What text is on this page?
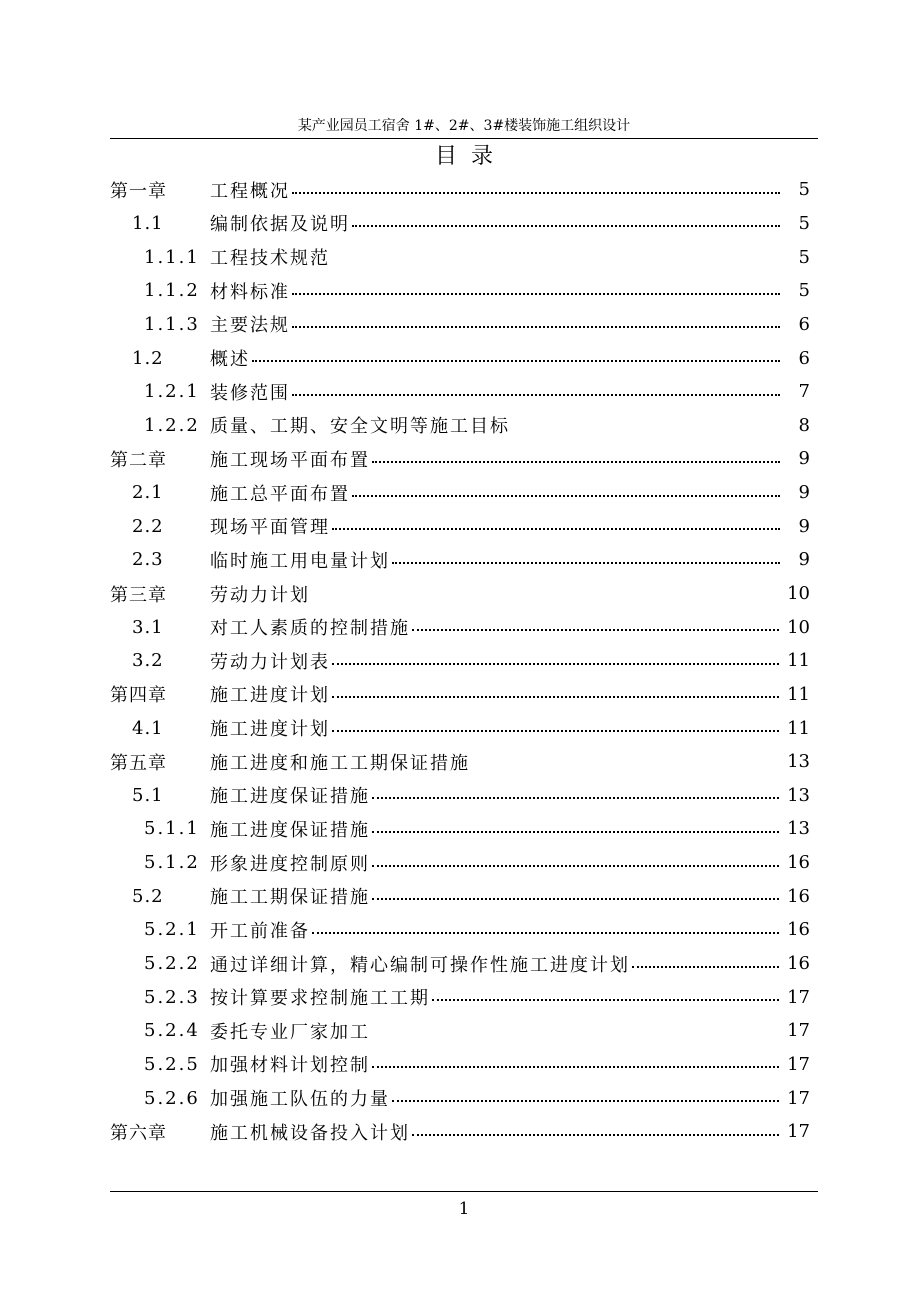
某产业园员工宿舍 1#、2#、3#楼装饰施工组织设计
目录
第一章	工程概况	5
1.1	编制依据及说明	5
1.1.1 工程技术规范	5
1.1.2 材料标准	5
1.1.3 主要法规	6
1.2	概述	6
1.2.1 装修范围	7
1.2.2 质量、工期、安全文明等施工目标	8
第二章	施工现场平面布置	9
2.1	施工总平面布置	9
2.2	现场平面管理	9
2.3	临时施工用电量计划	9
第三章	劳动力计划	10
3.1	对工人素质的控制措施	10
3.2	劳动力计划表	11
第四章	施工进度计划	11
4.1	施工进度计划	11
第五章	施工进度和施工工期保证措施	13
5.1	施工进度保证措施	13
5.1.1 施工进度保证措施	13
5.1.2 形象进度控制原则	16
5.2	施工工期保证措施	16
5.2.1 开工前准备	16
5.2.2 通过详细计算，精心编制可操作性施工进度计划	16
5.2.3 按计算要求控制施工工期	17
5.2.4 委托专业厂家加工	17
5.2.5 加强材料计划控制	17
5.2.6 加强施工队伍的力量	17
第六章	施工机械设备投入计划	17
1
